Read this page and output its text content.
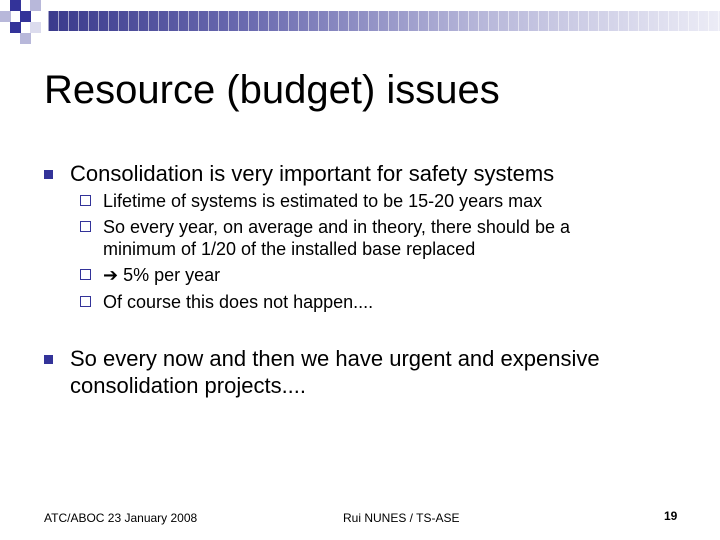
Resource (budget) issues
Consolidation is very important for safety systems
Lifetime of systems is estimated to be 15-20 years max
So every year, on average and in theory, there should be a
minimum of 1/20 of the installed base replaced
➔ 5% per year
Of course this does not happen....
So every now and then we have urgent and expensive
consolidation projects....
ATC/ABOC 23 January 2008	Rui NUNES / TS-ASE	19
